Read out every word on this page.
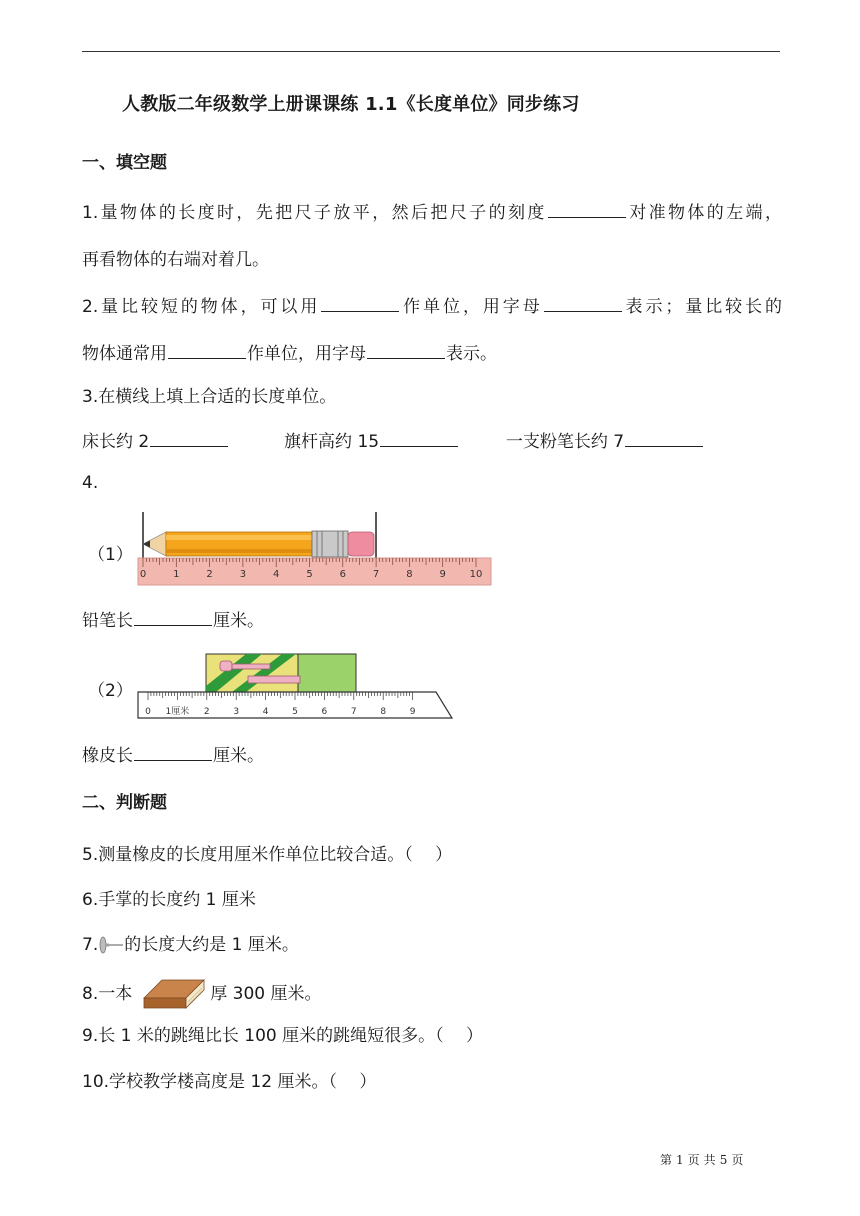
人教版二年级数学上册课课练 1.1《长度单位》同步练习
一、填空题
1.量物体的长度时，先把尺子放平，然后把尺子的刻度	对准物体的左端，
再看物体的右端对着几。
2.量比较短的物体，可以用	作单位，用字母	表示；量比较长的
物体通常用	作单位，用字母	表示。
3.在横线上填上合适的长度单位。
床长约 2	旗杆高约 15	一支粉笔长约 7
4.
（1）
0	1	2	3	4	5	6	7	8	9 10
铅笔长	厘米。
（2）
0 1厘米 2	3	4	5	6	7	8	9
橡皮长	厘米。
二、判断题
5.测量橡皮的长度用厘米作单位比较合适。（　 ）
6.手掌的长度约 1 厘米
7. 的长度大约是 1 厘米。
8.一本	厚 300 厘米。
9.长 1 米的跳绳比长 100 厘米的跳绳短很多。（　 ）
10.学校教学楼高度是 12 厘米。（　 ）
第 1 页 共 5 页
